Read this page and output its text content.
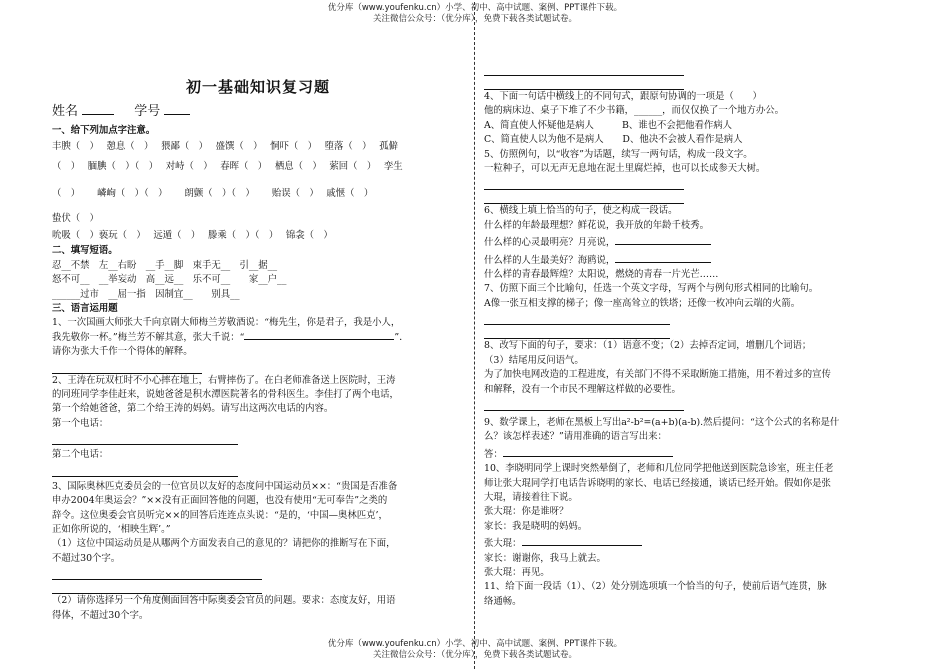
优分库（www.youfenku.cn）小学、初中、高中试题、案例、PPT课件下载。
关注微信公众号：（优分库），免费下载各类试题试卷。
初一基础知识复习题
姓名	学号

一、给下列加点字注意。

丰腴（　）　 憩息（　）　 猥鄙（　）　 盛馔（　）　 恫吓（　）　 堕落（　）　 孤僻

（　）　 腼腆（　）（　）　 对峙（　）　 春晖（　）　 栖息（　）　 萦回（　）　 孪生

（　）　 　嶙峋（　）（　）　 　朗颤（　）（　）　　 贻误（　）　 戚惬（　）

蛰伏（　）

吮吸（　）亵玩（　）　 远遁（　）　 滕乘（　）（　）　 锦衾（　）

二、填写短语。

忍__不禁　左__右盼　__手__脚　束手无__　引__据__

怒不可__　__举妄动　高__远__　乐不可__　　家__户__

______过市　__屈一指　因制宜__　　别具__

三、语言运用题

1、一次国画大师张大千向京剧大师梅兰芳敬酒说：“梅先生，你是君子，我是小人，

我先敬你一杯。”梅兰芳不解其意，张大千说：“	”．

请你为张大千作一个得体的解释。

2、王涛在玩双杠时不小心摔在地上，右臂摔伤了。在白老师准备送上医院时，王涛

的同班同学李佳赶来，说她爸爸是积水潭医院著名的骨科医生。李佳打了两个电话，

第一个给她爸爸，第二个给王涛的妈妈。请写出这两次电话的内容。

第一个电话：

第二个电话：

3、国际奥林匹克委员会的一位官员以友好的态度问中国运动员××：“贵国是否准备

申办2004年奥运会？”××没有正面回答他的问题，也没有使用“无可奉告”之类的

辞令。这位奥委会官员听完××的回答后连连点头说：“是的，‘中国—奥林匹克’，

正如你所说的，‘相映生辉’。”

（1）这位中国运动员是从哪两个方面发表自己的意见的？请把你的推断写在下面，

不超过30个字。

（2）请你选择另一个角度侧面回答中际奥委会官员的问题。要求：态度友好，用语

得体，不超过30个字。

4、下面一句话中横线上的不同句式，跟原句协调的一项是（　　）

他的病床边、桌子下堆了不少书籍，______，而仅仅换了一个地方办公。

A、简直使人怀疑他是病人　　　B、谁也不会把他看作病人

C、简直使人以为他不是病人　　D、他决不会被人看作是病人

5、仿照例句，以“收容”为话题，续写一两句话，构成一段文字。

一粒种子，可以无声无息地在泥土里腐烂掉，也可以长成参天大树。

6、横线上填上恰当的句子，使之构成一段话。

什么样的年龄最理想？鲜花说，我开放的年龄千枝秀。

什么样的心灵最明亮？月亮说，

什么样的人生最美好？海鸥说，

什么样的青春最辉煌？太阳说，燃烧的青春一片光芒……

7、仿照下面三个比喻句，任选一个英文字母，写两个与例句形式相同的比喻句。

A像一张互相支撑的梯子；像一座高耸立的铁塔；还像一枚冲向云端的火箭。

8、改写下面的句子，要求：（1）语意不变；（2）去掉否定词，增删几个词语；

（3）结尾用反问语气。

为了加快电网改造的工程进度，有关部门不得不采取断施工措施，用不着过多的宣传

和解释，没有一个市民不理解这样做的必要性。

9、数学课上，老师在黑板上写出a²-b²=(a+b)(a-b).然后提问：“这个公式的名称是什

么？该怎样表述？”请用准确的语言写出来：

答：

10、李晓明同学上课时突然晕倒了，老师和几位同学把他送到医院急诊室，班主任老

师让张大琨同学打电话告诉晓明的家长、电话已经接通，谈话已经开始。假如你是张

大琨，请接着往下说。

张大琨：你是谁呀？

家长：我是晓明的妈妈。

张大琨：

家长：谢谢你，我马上就去。

张大琨：再见。

11、给下面一段话（1）、（2）处分别选项填一个恰当的句子，使前后语气连贯，脉

络通畅。

优分库（www.youfenku.cn）小学、初中、高中试题、案例、PPT课件下载。
关注微信公众号：（优分库），免费下载各类试题试卷。
